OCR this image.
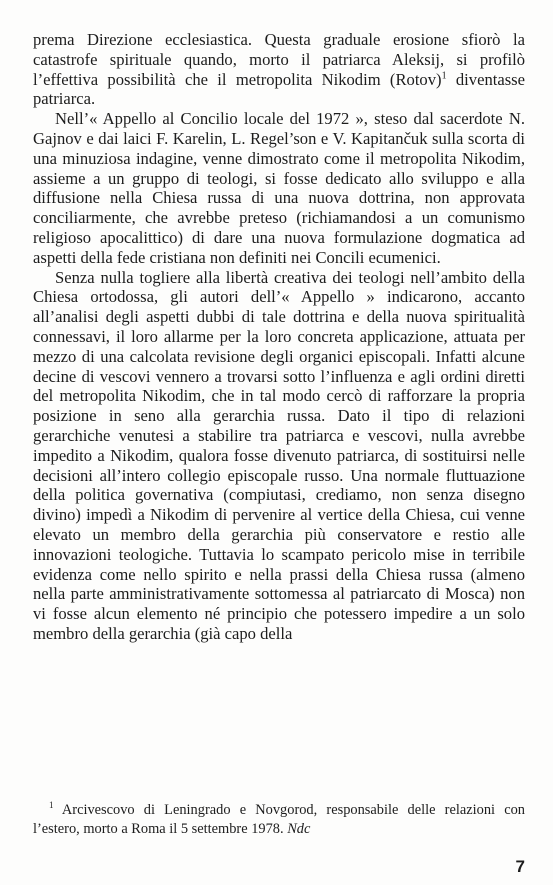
prema Direzione ecclesiastica. Questa graduale erosione sfiorò la catastrofe spirituale quando, morto il patriarca Aleksij, si profilò l’effettiva possibilità che il metropolita Nikodim (Rotov)$^1$ diventasse patriarca.

Nell’« Appello al Concilio locale del 1972 », steso dal sacerdote N. Gajnov e dai laici F. Karelin, L. Regel’son e V. Kapitančuk sulla scorta di una minuziosa indagine, venne dimostrato come il metropolita Nikodim, assieme a un gruppo di teologi, si fosse dedicato allo sviluppo e alla diffusione nella Chiesa russa di una nuova dottrina, non approvata conciliarmente, che avrebbe preteso (richiamandosi a un comunismo religioso apocalittico) di dare una nuova formulazione dogmatica ad aspetti della fede cristiana non definiti nei Concili ecumenici.

Senza nulla togliere alla libertà creativa dei teologi nell’ambito della Chiesa ortodossa, gli autori dell’« Appello » indicarono, accanto all’analisi degli aspetti dubbi di tale dottrina e della nuova spiritualità connessavi, il loro allarme per la loro concreta applicazione, attuata per mezzo di una calcolata revisione degli organici episcopali. Infatti alcune decine di vescovi vennero a trovarsi sotto l’influenza e agli ordini diretti del metropolita Nikodim, che in tal modo cercò di rafforzare la propria posizione in seno alla gerarchia russa. Dato il tipo di relazioni gerarchiche venutesi a stabilire tra patriarca e vescovi, nulla avrebbe impedito a Nikodim, qualora fosse divenuto patriarca, di sostituirsi nelle decisioni all’intero collegio episcopale russo. Una normale fluttuazione della politica governativa (compiutasi, crediamo, non senza disegno divino) impedì a Nikodim di pervenire al vertice della Chiesa, cui venne elevato un membro della gerarchia più conservatore e restio alle innovazioni teologiche. Tuttavia lo scampato pericolo mise in terribile evidenza come nello spirito e nella prassi della Chiesa russa (almeno nella parte amministrativamente sottomessa al patriarcato di Mosca) non vi fosse alcun elemento né principio che potessero impedire a un solo membro della gerarchia (già capo della

$^1$ Arcivescovo di Leningrado e Novgorod, responsabile delle relazioni con l’estero, morto a Roma il 5 settembre 1978. Ndc

7
